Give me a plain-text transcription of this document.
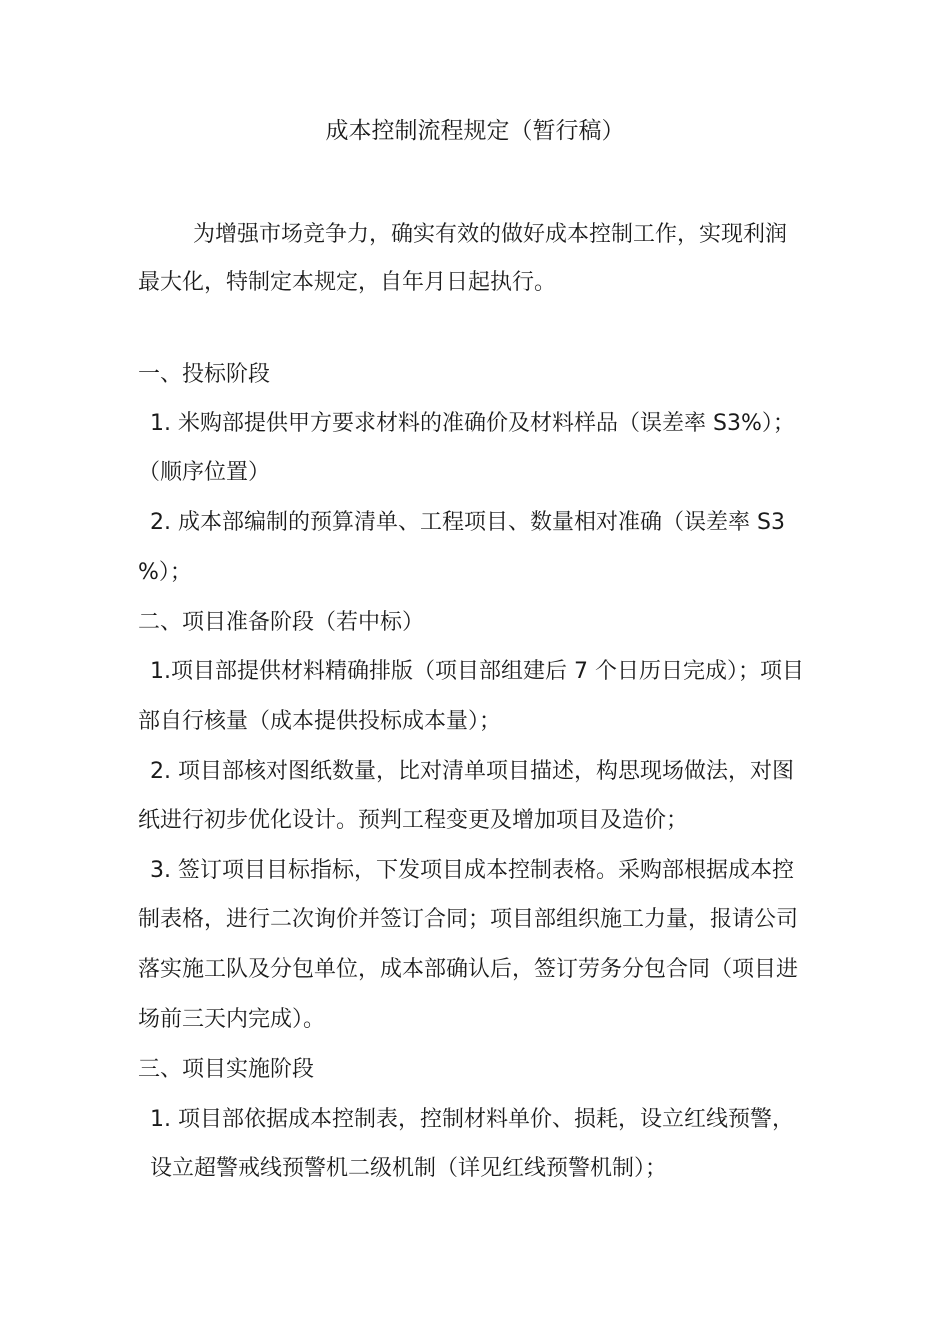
成本控制流程规定（暂行稿）
为增强市场竞争力，确实有效的做好成本控制工作，实现利润
最大化，特制定本规定，自年月日起执行。
一、投标阶段
1. 米购部提供甲方要求材料的准确价及材料样品（误差率 S3%）；
（顺序位置）
2. 成本部编制的预算清单、工程项目、数量相对准确（误差率 S3
%）；
二、项目准备阶段（若中标）
1.项目部提供材料精确排版（项目部组建后 7 个日历日完成）；项目
部自行核量（成本提供投标成本量）；
2. 项目部核对图纸数量，比对清单项目描述，构思现场做法，对图
纸进行初步优化设计。预判工程变更及增加项目及造价；
3. 签订项目目标指标，下发项目成本控制表格。采购部根据成本控
制表格，进行二次询价并签订合同；项目部组织施工力量，报请公司
落实施工队及分包单位，成本部确认后，签订劳务分包合同（项目进
场前三天内完成）。
三、项目实施阶段
1. 项目部依据成本控制表，控制材料单价、损耗，设立红线预警，
设立超警戒线预警机二级机制（详见红线预警机制）；
